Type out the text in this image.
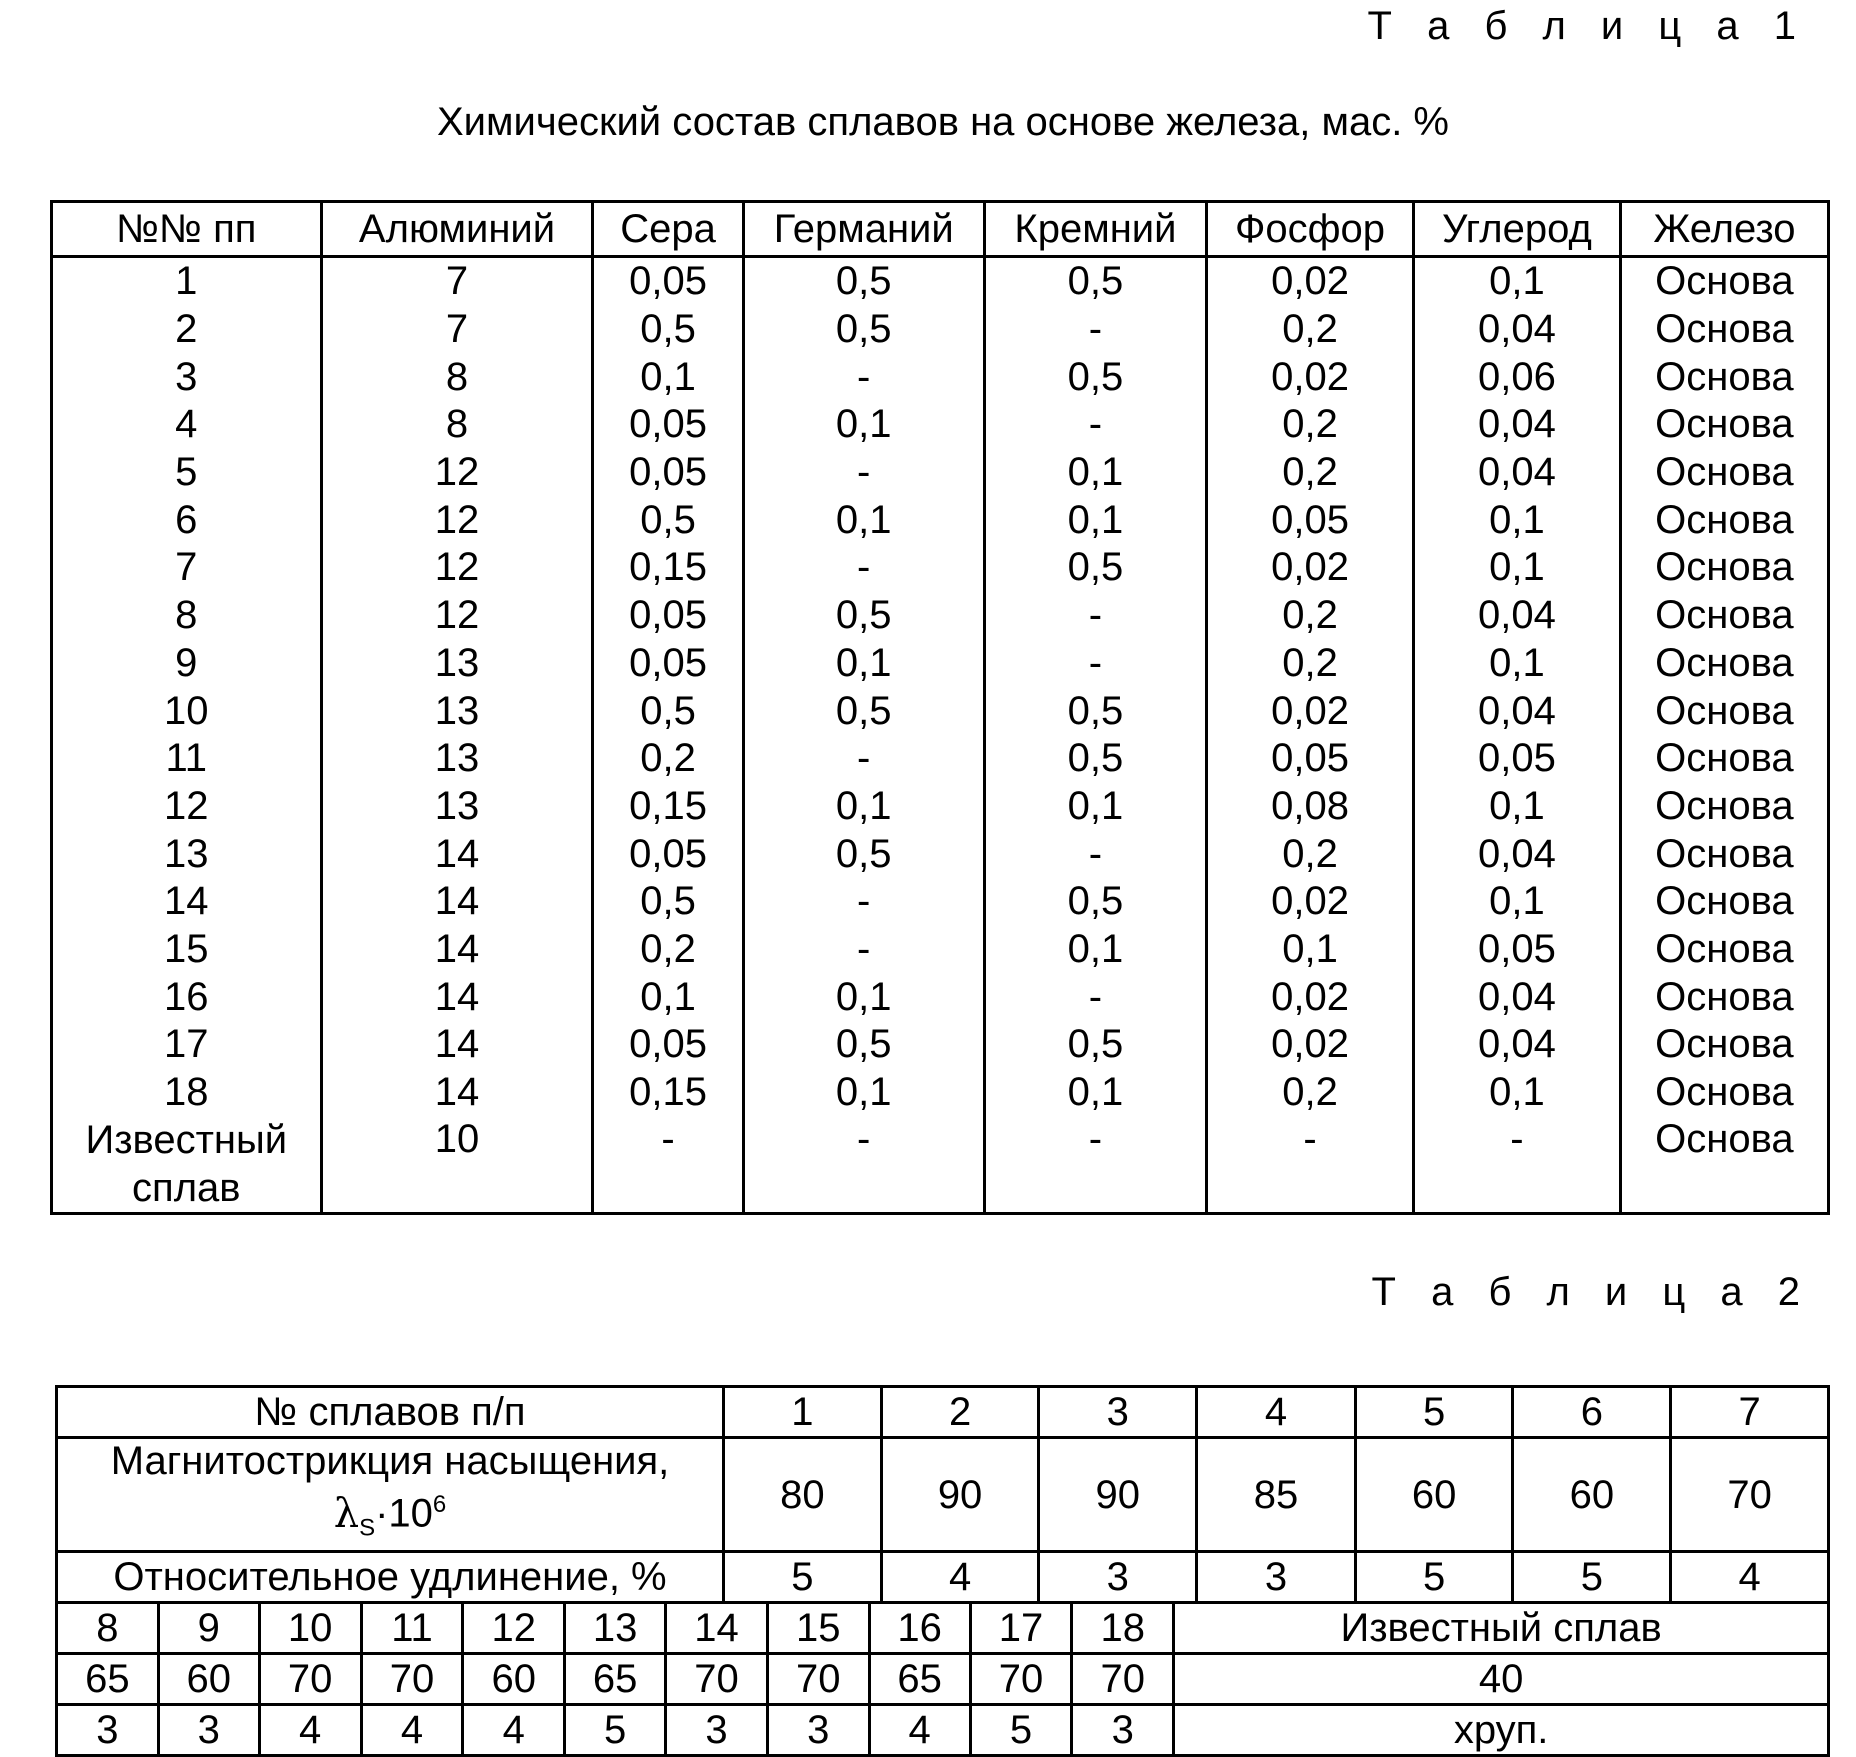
Т а б л и ц а 1
Химический состав сплавов на основе железа, мас. %
№№ пп	Алюминий	Сера	Германий	Кремний	Фосфор	Углерод	Железо
1	7	0,05	0,5	0,5	0,02	0,1	Основа
2	7	0,5	0,5	-	0,2	0,04	Основа
3	8	0,1	-	0,5	0,02	0,06	Основа
4	8	0,05	0,1	-	0,2	0,04	Основа
5	12	0,05	-	0,1	0,2	0,04	Основа
6	12	0,5	0,1	0,1	0,05	0,1	Основа
7	12	0,15	-	0,5	0,02	0,1	Основа
8	12	0,05	0,5	-	0,2	0,04	Основа
9	13	0,05	0,1	-	0,2	0,1	Основа
10	13	0,5	0,5	0,5	0,02	0,04	Основа
11	13	0,2	-	0,5	0,05	0,05	Основа
12	13	0,15	0,1	0,1	0,08	0,1	Основа
13	14	0,05	0,5	-	0,2	0,04	Основа
14	14	0,5	-	0,5	0,02	0,1	Основа
15	14	0,2	-	0,1	0,1	0,05	Основа
16	14	0,1	0,1	-	0,02	0,04	Основа
17	14	0,05	0,5	0,5	0,02	0,04	Основа
18	14	0,15	0,1	0,1	0,2	0,1	Основа

Известный
сплав	10	-	-	-	-	-	Основа
Т а б л и ц а 2
№ сплавов п/п							1			2		3			4	5	6	7
Магнитострикция насыщения, $\lambda_S\cdot 10^6$							80			90		90			85	60	60	70
Относительное удлинение, %							5			4		3			3	5	5	4
8	9	10	11	12	13	14		15	16		17		18	Известный сплав				
65	60	70	70	60	65	70		70	65		70		70	40				
3	3	4	4	4	5	3		3	4		5		3	хруп.				
